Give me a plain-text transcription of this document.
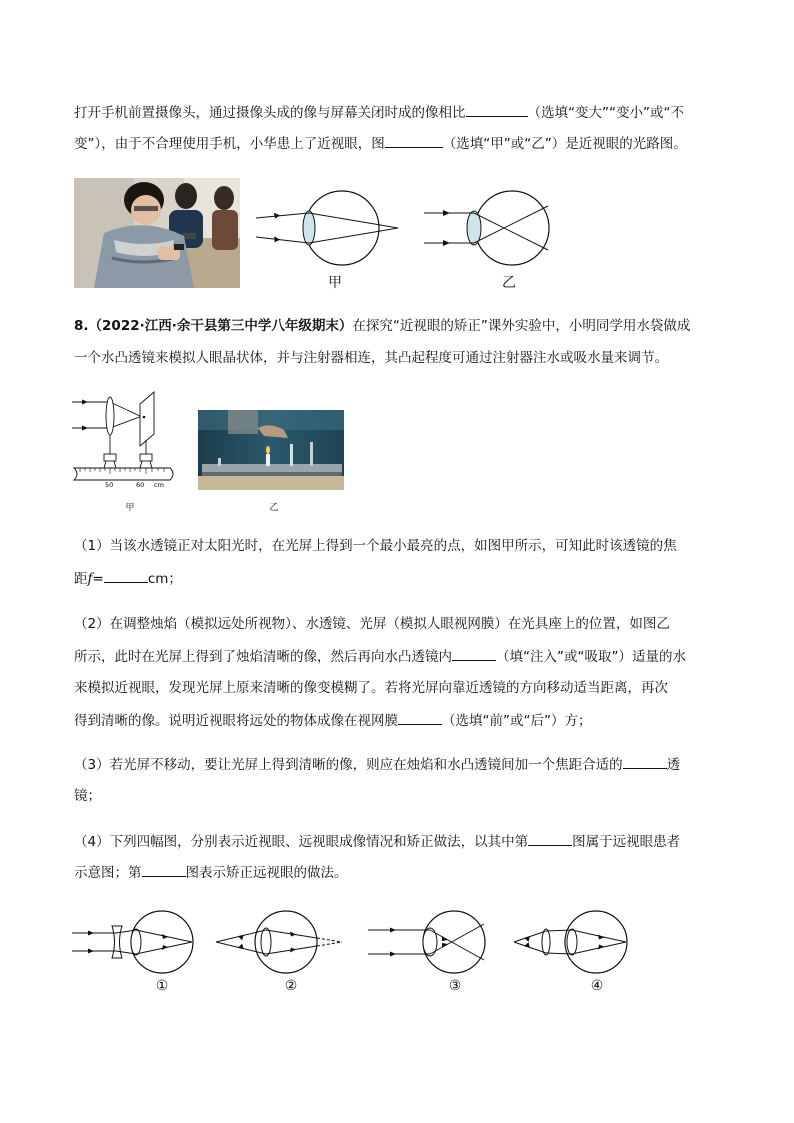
打开手机前置摄像头，通过摄像头成的像与屏幕关闭时成的像相比	（选填“变大”“变小”或“不
变”），由于不合理使用手机，小华患上了近视眼，图	（选填“甲”或“乙”）是近视眼的光路图。
甲	乙
8.（2022·江西·余干县第三中学八年级期末）在探究“近视眼的矫正”课外实验中，小明同学用水袋做成
一个水凸透镜来模拟人眼晶状体，并与注射器相连，其凸起程度可通过注射器注水或吸水量来调节。
50	60 cm
甲	乙
（1）当该水透镜正对太阳光时，在光屏上得到一个最小最亮的点，如图甲所示，可知此时该透镜的焦
距f=	cm；
（2）在调整烛焰（模拟远处所视物）、水透镜、光屏（模拟人眼视网膜）在光具座上的位置，如图乙
所示，此时在光屏上得到了烛焰清晰的像，然后再向水凸透镜内	（填“注入”或“吸取”）适量的水
来模拟近视眼，发现光屏上原来清晰的像变模糊了。若将光屏向靠近透镜的方向移动适当距离，再次
得到清晰的像。说明近视眼将远处的物体成像在视网膜	（选填“前”或“后”）方；
（3）若光屏不移动，要让光屏上得到清晰的像，则应在烛焰和水凸透镜间加一个焦距合适的	透
镜；
（4）下列四幅图，分别表示近视眼、远视眼成像情况和矫正做法，以其中第	图属于远视眼患者
示意图；第	图表示矫正远视眼的做法。
①	②	③	④
